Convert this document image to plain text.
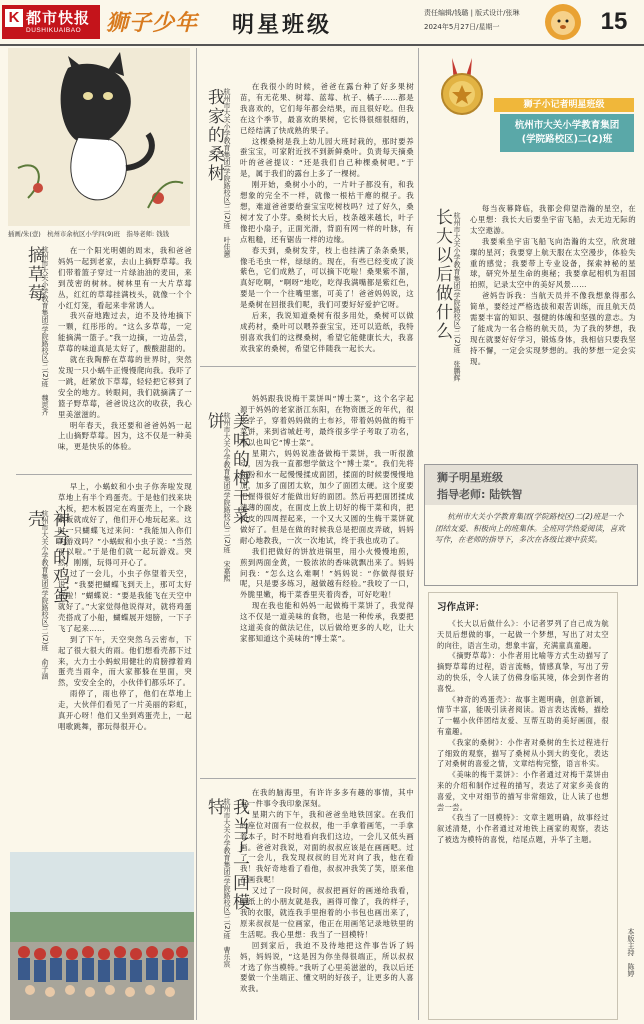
K 都市快报
DUSHIKUAIBAO 狮子少年 明星班级	责任编辑/钱璐 | 版式设计/张琳
2024年5月27日/星期一	15
插画/朱(壹)　杭州市余杭区小学四(9)班　指导老师: 钱钱
我家的桑树 杭州市大关小学教育集团(学院路校区)二(2)班　叶佳蕙

在我很小的时候，爸爸在露台种了好多果树苗，有无花果、树莓、蓝莓、杭子、橘子……都是我喜欢的，它们每年都会结果，而且很好吃。但我在这个季节，最喜欢的果树，它长得很细很细的，已经结满了快成熟的果子。

这棵桑树是我上幼儿园大班时栽的，那时要养蚕宝宝，可家附近找不到新鲜桑叶。负责每天摘桑叶的爸爸提议：“还是我们自己种棵桑树吧。”于是，属于我们的露台上多了一棵树。

刚开始，桑树小小的，一片叶子都没有，和我想象的完全不一样，就像一根枯干瘪的棍子。我想，难道爸爸要给蚕宝宝吃树枝吗？过了好久，桑树才发了小芽。桑树长大后，枝条越来越长，叶子像把小扇子，正面光滑，背面有网一样的叶脉，有点粗糙，还有锯齿一样的边缘。

春天到，桑树发芽，枝上也挂满了条条桑果，像毛毛虫一样，绿绿的。现在，有些已经变成了淡紫色，它们成熟了，可以摘下吃啦！桑果紫不溜，真好吃啊，“啊呀”地吃，吃得我满嘴都是紫红色，要是一个一个往嘴里塞，可美了！爸爸妈妈说，这是桑树在回报我们呢，我们可要好好爱护它呀。

后来，我说知道桑树有很多用处，桑树可以做成药材，桑叶可以喂养蚕宝宝，还可以造纸，我特别喜欢我们的这棵桑树，希望它能健康长大，我喜欢我家的桑树，希望它伴随我一起长大。

摘草莓
杭州市大关小学教育集团(学院路校区)二(2)班　魏思齐	在一个阳光明媚的周末，我和爸爸妈妈一起到老家，去山上摘野草莓。我们带着篮子穿过一片绿油油的麦田，来到茂密的树林。树林里有一大片草莓丛，红红的草莓挂满枝头，就像一个个小红灯笼，看起来非常诱人。

我兴奋地跑过去，迫不及待地摘下一颗，红彤彤的。“这么多草莓，一定能摘满一篮子。”我一边摘，一边品尝，草莓的味道真是太好了，酸酸甜甜的。

就在我陶醉在草莓的世界时，突然发现一只小蜗牛正慢慢爬向我。我吓了一跳，赶紧放下草莓，轻轻把它移到了安全的地方。转眼间，我们就摘满了一篮子野草莓，爸爸说这次的收获，我心里美滋滋的。

明年春天，我还要和爸爸妈妈一起上山摘野草莓。因为，这不仅是一种美味，更是快乐的体验。

神奇的鸡蛋壳
杭州市大关小学教育集团(学院路校区)二(2)班　俞子涵

早上，小蜗蚁和小虫子你奔啦发现草地上有半个鸡蛋壳。于是他们找来块木板，把木板固定在鸡蛋壳上，一个跷跷板就成好了，他们开心地玩起来。这时一只蝴蝶飞过来问：“我能加入你们的游戏吗？”小蜗蚁和小虫子说：“当然可以啦。”于是他们就一起玩游戏。突然，刚刚，玩得可开心了。

过了一会儿，小虫子你望着天空，说：“我要把蝴蝶飞到天上，那可太好玩啦！”蝴蝶说：“要是我能飞在天空中就好了。”大家觉得他说得对，就将鸡蛋壳搭成了小船，蝴蝶展开翅膀，一下子飞了起来……

到了下午，天空突然乌云密布，下起了很大很大的雨。他们想看壳都下过来，大力士小蚂蚁用健壮的肩膀撑着鸡蛋壳当雨伞，而大家都躲在里面，突然，安安全全的，小伙伴们都乐坏了。

雨停了，雨也停了，他们在草地上走，大伙伴们看见了一片美丽的彩虹，真开心呀！他们又坐到鸡蛋壳上，一起唱歌跳舞，都玩得很开心。

美味的梅干菜饼 杭州市大关小学教育集团(学院路校区)二(2)班　宋嘉熙

妈妈跟我说梅干菜饼叫“博士菜”，这个名字起源于妈妈的老家浙江东阳，在物资匮乏的年代，很多学子，穿着妈妈做的士布衫，带着妈妈做的梅干菜饼，来到省城赶考，最终很多学子考取了功名，所以也叫它“博士菜”。

星期六，妈妈说准备做梅干菜饼，我一听很激动，因为我一直都想学做这个“博士菜”。我们先将面粉和水一起慢慢揉成面团，揉面的时候要慢慢地加，加多了面团太软，加少了面团太硬。这个度要把握得很好才能做出好的面团。然后再把面团揉成薄薄的面皮，在面皮上放上切好的梅干菜和肉，把面皮的四周捏起来，一个又大又圆的生梅干菜饼就做好了。但是在做的时候我总是把面皮弄破，妈妈耐心地教我，一次一次地试，终于我也成功了。

我们把做好的饼放进锅里，用小火慢慢地煎，煎到两面金黄，一股浓浓的香味就飘出来了。妈妈问我：“怎么这么难啊！”妈妈说：“你做得很好呢，只是要多练习，越做越有经验。”我咬了一口，外脆里嫩，梅干菜香里夹着肉香，可好吃啦！

现在我也能和妈妈一起做梅干菜饼了，我觉得这不仅是一道美味的食物，也是一种传承，我要把这道美食的做法记住，以后做给更多的人吃，让大家都知道这个美味的“博士菜”。

我当了一回模特 杭州市大关小学教育集团(学院路校区)二(2)班　曹乐宸

在我的脑海里，有许许多多有趣的事情，其中有一件事令我印象深刻。

星期六的下午，我和爸爸坐地铁回家。在我们的座位对面有一位叔叔，他一手拿着画笔，一手拿着本子，时不时地看向我们这边，一会儿又低头画画。爸爸对我说，对面的叔叔应该是在画画吧。过了一会儿，我发现叔叔的目光对向了我，他在看我！我好奇地看了看他，叔叔冲我笑了笑，原来他在画我呢！

又过了一段时间，叔叔把画好的画递给我看，画纸上的小朋友就是我，画得可像了，我的样子，我的衣服，就连我手里抱着的小书包也画出来了，原来叔叔是一位画家，他正在用画笔记录地铁里的生活呢。我心里想：我当了一回模特！

回到家后，我迫不及待地把这件事告诉了妈妈，妈妈说，“这是因为你坐得很端正，所以叔叔才选了你当模特。”我听了心里美滋滋的，我以后还要做一个坐端正、懂文明的好孩子，让更多的人喜欢我。

狮子小记者明星班级
杭州市大关小学教育集团
(学院路校区)二(2)班
长大以后做什么 杭州市大关小学教育集团(学院路校区)二(2)班　张鹏辉

每当夜幕降临，我都会仰望浩瀚的星空，在心里想：我长大后要坐宇宙飞船，去无边无际的太空遨游。

我要乘坐宇宙飞船飞向浩瀚的太空，欣赏璀璨的星河；我要穿上航天服在太空漫步，体验失重的感觉；我要带上专业设备，探索神秘的星球，研究外星生命的奥秘；我要拿起相机为祖国拍照，记录太空中的美好风景……

爸妈告诉我：当航天员并不像我想象得那么简单，要经过严格选拔和艰苦训练，而且航天员需要丰富的知识、强健的体魄和坚强的意志。为了能成为一名合格的航天员，为了我的梦想，我现在就要好好学习，锻炼身体，我相信只要我坚持不懈，一定会实现梦想的。我的梦想一定会实现。

狮子明星班级
指导老师: 陆铁智
杭州市大关小学教育集团(学院路校区)二(2)班是一个团结友爱、积极向上的班集体。全班同学热爱阅读，喜欢写作，在老师的指导下，多次在各级比赛中获奖。
习作点评：

《长大以后做什么》：小记者罗列了自己成为航天员后想做的事，一起做一个梦想，写出了对太空的向往，语言生动，想象丰富，充满童真童趣。

《摘野草莓》：小作者用比喻等方式生动描写了摘野草莓的过程，语言流畅，情感真挚，写出了劳动的快乐，令人读了仿佛身临其境，体会到作者的喜悦。

《神奇的鸡蛋壳》：故事主题明确，创意新颖，情节丰富，能吸引读者阅读。语言表达流畅，描绘了一幅小伙伴团结友爱、互帮互助的美好画面，很有童趣。

《我家的桑树》：小作者对桑树的生长过程进行了细致的观察，描写了桑树从小到大的变化，表达了对桑树的喜爱之情，文章结构完整，语言朴实。

《美味的梅干菜饼》：小作者通过对梅干菜饼由来的介绍和制作过程的描写，表达了对家乡美食的喜爱，文中对细节的描写非常细致，让人读了也想尝一尝。

《我当了一回模特》：文章主题明确，故事经过叙述清楚，小作者通过对地铁上画家的观察，表达了被选为模特的喜悦，结尾点题，升华了主题。

本版主持　陈婷
